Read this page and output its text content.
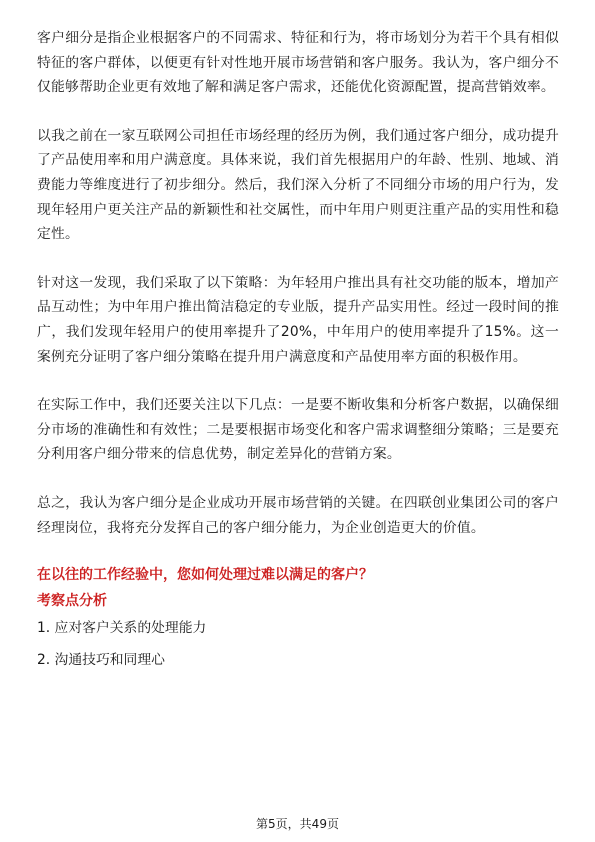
客户细分是指企业根据客户的不同需求、特征和行为，将市场划分为若干个具有相似特征的客户群体，以便更有针对性地开展市场营销和客户服务。我认为，客户细分不仅能够帮助企业更有效地了解和满足客户需求，还能优化资源配置，提高营销效率。

以我之前在一家互联网公司担任市场经理的经历为例，我们通过客户细分，成功提升了产品使用率和用户满意度。具体来说，我们首先根据用户的年龄、性别、地域、消费能力等维度进行了初步细分。然后，我们深入分析了不同细分市场的用户行为，发现年轻用户更关注产品的新颖性和社交属性，而中年用户则更注重产品的实用性和稳定性。

针对这一发现，我们采取了以下策略：为年轻用户推出具有社交功能的版本，增加产品互动性；为中年用户推出简洁稳定的专业版，提升产品实用性。经过一段时间的推广，我们发现年轻用户的使用率提升了20%，中年用户的使用率提升了15%。这一案例充分证明了客户细分策略在提升用户满意度和产品使用率方面的积极作用。

在实际工作中，我们还要关注以下几点：一是要不断收集和分析客户数据，以确保细分市场的准确性和有效性；二是要根据市场变化和客户需求调整细分策略；三是要充分利用客户细分带来的信息优势，制定差异化的营销方案。

总之，我认为客户细分是企业成功开展市场营销的关键。在四联创业集团公司的客户经理岗位，我将充分发挥自己的客户细分能力，为企业创造更大的价值。

在以往的工作经验中，您如何处理过难以满足的客户？
考察点分析
1. 应对客户关系的处理能力
2. 沟通技巧和同理心
第5页，共49页
